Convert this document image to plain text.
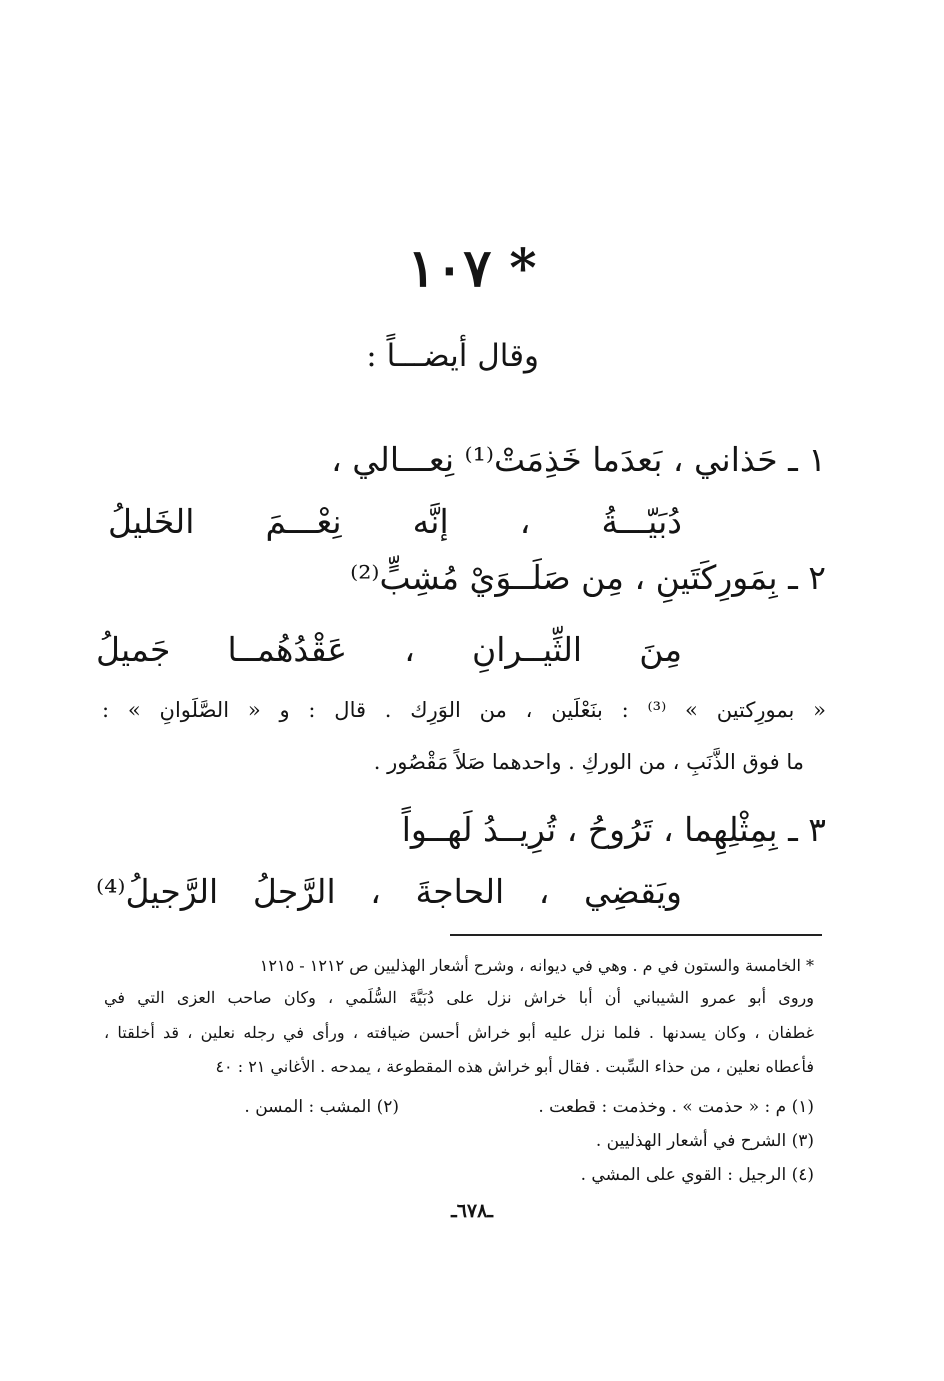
* ١٠٧
وقال أيضـــاً :
١ ـ حَذاني ، بَعدَما خَذِمَتْ⁽¹⁾ نِعـــالي ،
دُبَيّـــةُ ، إنَّه نِعْـــمَ الخَليلُ
٢ ـ بِمَورِكَتَينِ ، مِن صَلَــوَيْ مُشِبٍّ⁽²⁾
مِنَ الثِّيــرانِ ، عَقْدُهُمــا جَميلُ
« بمورِكتين » ⁽³⁾ : بنَعْلَين ، من الوَرِك . قال : و « الصَّلَوانِ » :
ما فوق الذَّنَبِ ، من الوركِ . واحدهما صَلاً مَقْصُور .
٣ ـ بِمِثْلِهِما ، تَرُوحُ ، تُرِيــدُ لَهــواً
ويَقضِي ، الحاجةَ ، الرَّجلُ الرَّجيلُ⁽⁴⁾
* الخامسة والستون في م . وهي في ديوانه ، وشرح أشعار الهذليين ص ١٢١٢ - ١٢١٥
وروى أبو عمرو الشيباني أن أبا خراش نزل على دُبَيَّةَ السُّلَمي ، وكان صاحب العزى التي في
غطفان ، وكان يسدنها . فلما نزل عليه أبو خراش أحسن ضيافته ، ورأى في رجله نعلين ، قد أخلقتا ،
فأعطاه نعلين ، من حذاء السِّبت . فقال أبو خراش هذه المقطوعة ، يمدحه . الأغاني ٢١ : ٤٠
(١) م : « حذمت » . وخذمت : قطعت .
(٢) المشب : المسن .
(٣) الشرح في أشعار الهذليين .
(٤) الرجيل : القوي على المشي .
ـ٦٧٨ـ
